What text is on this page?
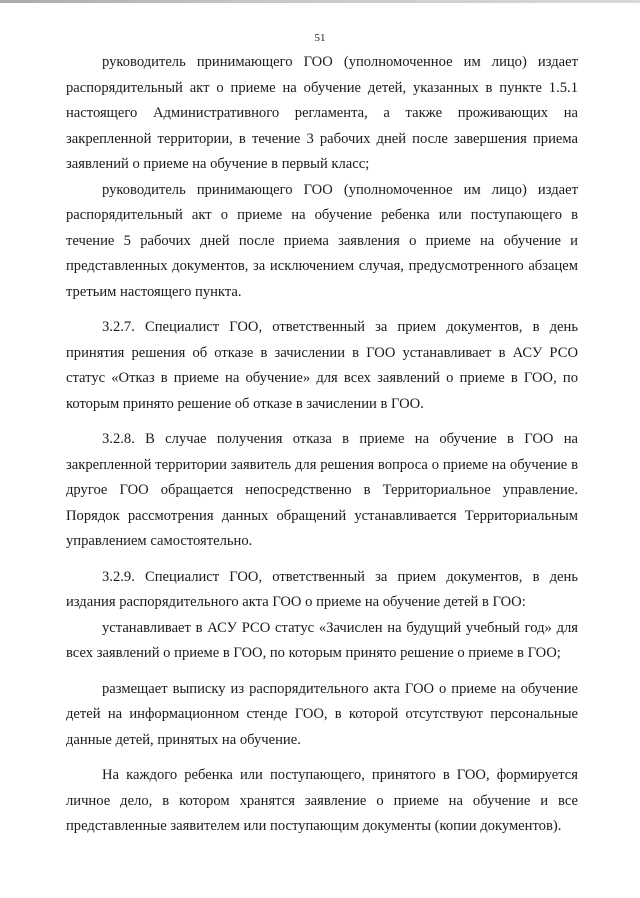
51

руководитель принимающего ГОО (уполномоченное им лицо) издает распорядительный акт о приеме на обучение детей, указанных в пункте 1.5.1 настоящего Административного регламента, а также проживающих на закрепленной территории, в течение 3 рабочих дней после завершения приема заявлений о приеме на обучение в первый класс;

руководитель принимающего ГОО (уполномоченное им лицо) издает распорядительный акт о приеме на обучение ребенка или поступающего в течение 5 рабочих дней после приема заявления о приеме на обучение и представленных документов, за исключением случая, предусмотренного абзацем третьим настоящего пункта.

3.2.7. Специалист ГОО, ответственный за прием документов, в день принятия решения об отказе в зачислении в ГОО устанавливает в АСУ РСО статус «Отказ в приеме на обучение» для всех заявлений о приеме в ГОО, по которым принято решение об отказе в зачислении в ГОО.

3.2.8. В случае получения отказа в приеме на обучение в ГОО на закрепленной территории заявитель для решения вопроса о приеме на обучение в другое ГОО обращается непосредственно в Территориальное управление. Порядок рассмотрения данных обращений устанавливается Территориальным управлением самостоятельно.

3.2.9. Специалист ГОО, ответственный за прием документов, в день издания распорядительного акта ГОО о приеме на обучение детей в ГОО:

устанавливает в АСУ РСО статус «Зачислен на будущий учебный год» для всех заявлений о приеме в ГОО, по которым принято решение о приеме в ГОО;

размещает выписку из распорядительного акта ГОО о приеме на обучение детей на информационном стенде ГОО, в которой отсутствуют персональные данные детей, принятых на обучение.

На каждого ребенка или поступающего, принятого в ГОО, формируется личное дело, в котором хранятся заявление о приеме на обучение и все представленные заявителем или поступающим документы (копии документов).
